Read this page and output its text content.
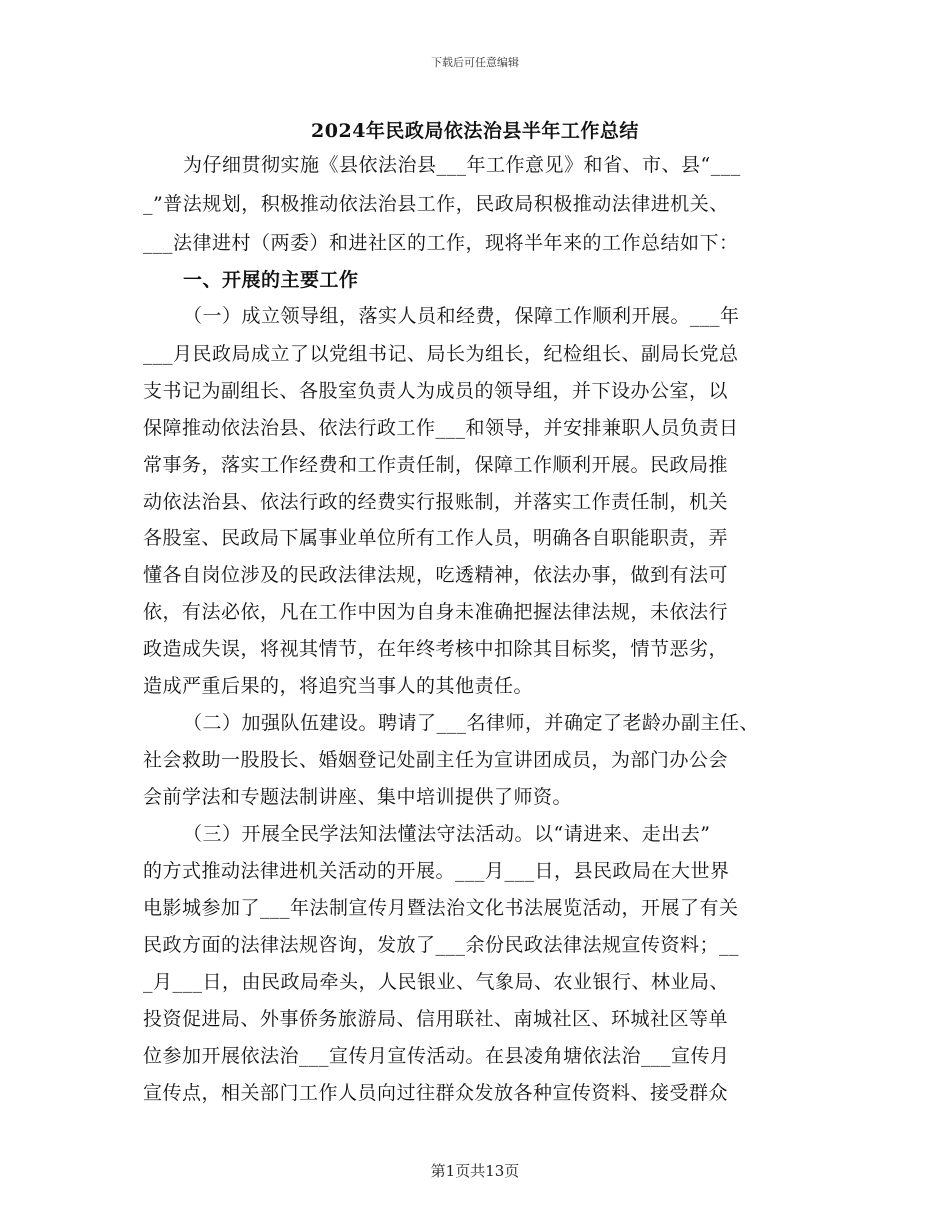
下载后可任意编辑
2024年民政局依法治县半年工作总结
为仔细贯彻实施《县依法治县___年工作意见》和省、市、县“___
_”普法规划，积极推动依法治县工作，民政局积极推动法律进机关、
___法律进村（两委）和进社区的工作，现将半年来的工作总结如下：
一、开展的主要工作
（一）成立领导组，落实人员和经费，保障工作顺利开展。___年
___月民政局成立了以党组书记、局长为组长，纪检组长、副局长党总
支书记为副组长、各股室负责人为成员的领导组，并下设办公室，以
保障推动依法治县、依法行政工作___和领导，并安排兼职人员负责日
常事务，落实工作经费和工作责任制，保障工作顺利开展。民政局推
动依法治县、依法行政的经费实行报账制，并落实工作责任制，机关
各股室、民政局下属事业单位所有工作人员，明确各自职能职责，弄
懂各自岗位涉及的民政法律法规，吃透精神，依法办事，做到有法可
依，有法必依，凡在工作中因为自身未准确把握法律法规，未依法行
政造成失误，将视其情节，在年终考核中扣除其目标奖，情节恶劣，
造成严重后果的，将追究当事人的其他责任。
（二）加强队伍建设。聘请了___名律师，并确定了老龄办副主任、
社会救助一股股长、婚姻登记处副主任为宣讲团成员，为部门办公会
会前学法和专题法制讲座、集中培训提供了师资。
（三）开展全民学法知法懂法守法活动。以“请进来、走出去”
的方式推动法律进机关活动的开展。___月___日，县民政局在大世界
电影城参加了___年法制宣传月暨法治文化书法展览活动，开展了有关
民政方面的法律法规咨询，发放了___余份民政法律法规宣传资料；__
_月___日，由民政局牵头，人民银业、气象局、农业银行、林业局、
投资促进局、外事侨务旅游局、信用联社、南城社区、环城社区等单
位参加开展依法治___宣传月宣传活动。在县凌角塘依法治___宣传月
宣传点，相关部门工作人员向过往群众发放各种宣传资料、接受群众
第1页共13页
